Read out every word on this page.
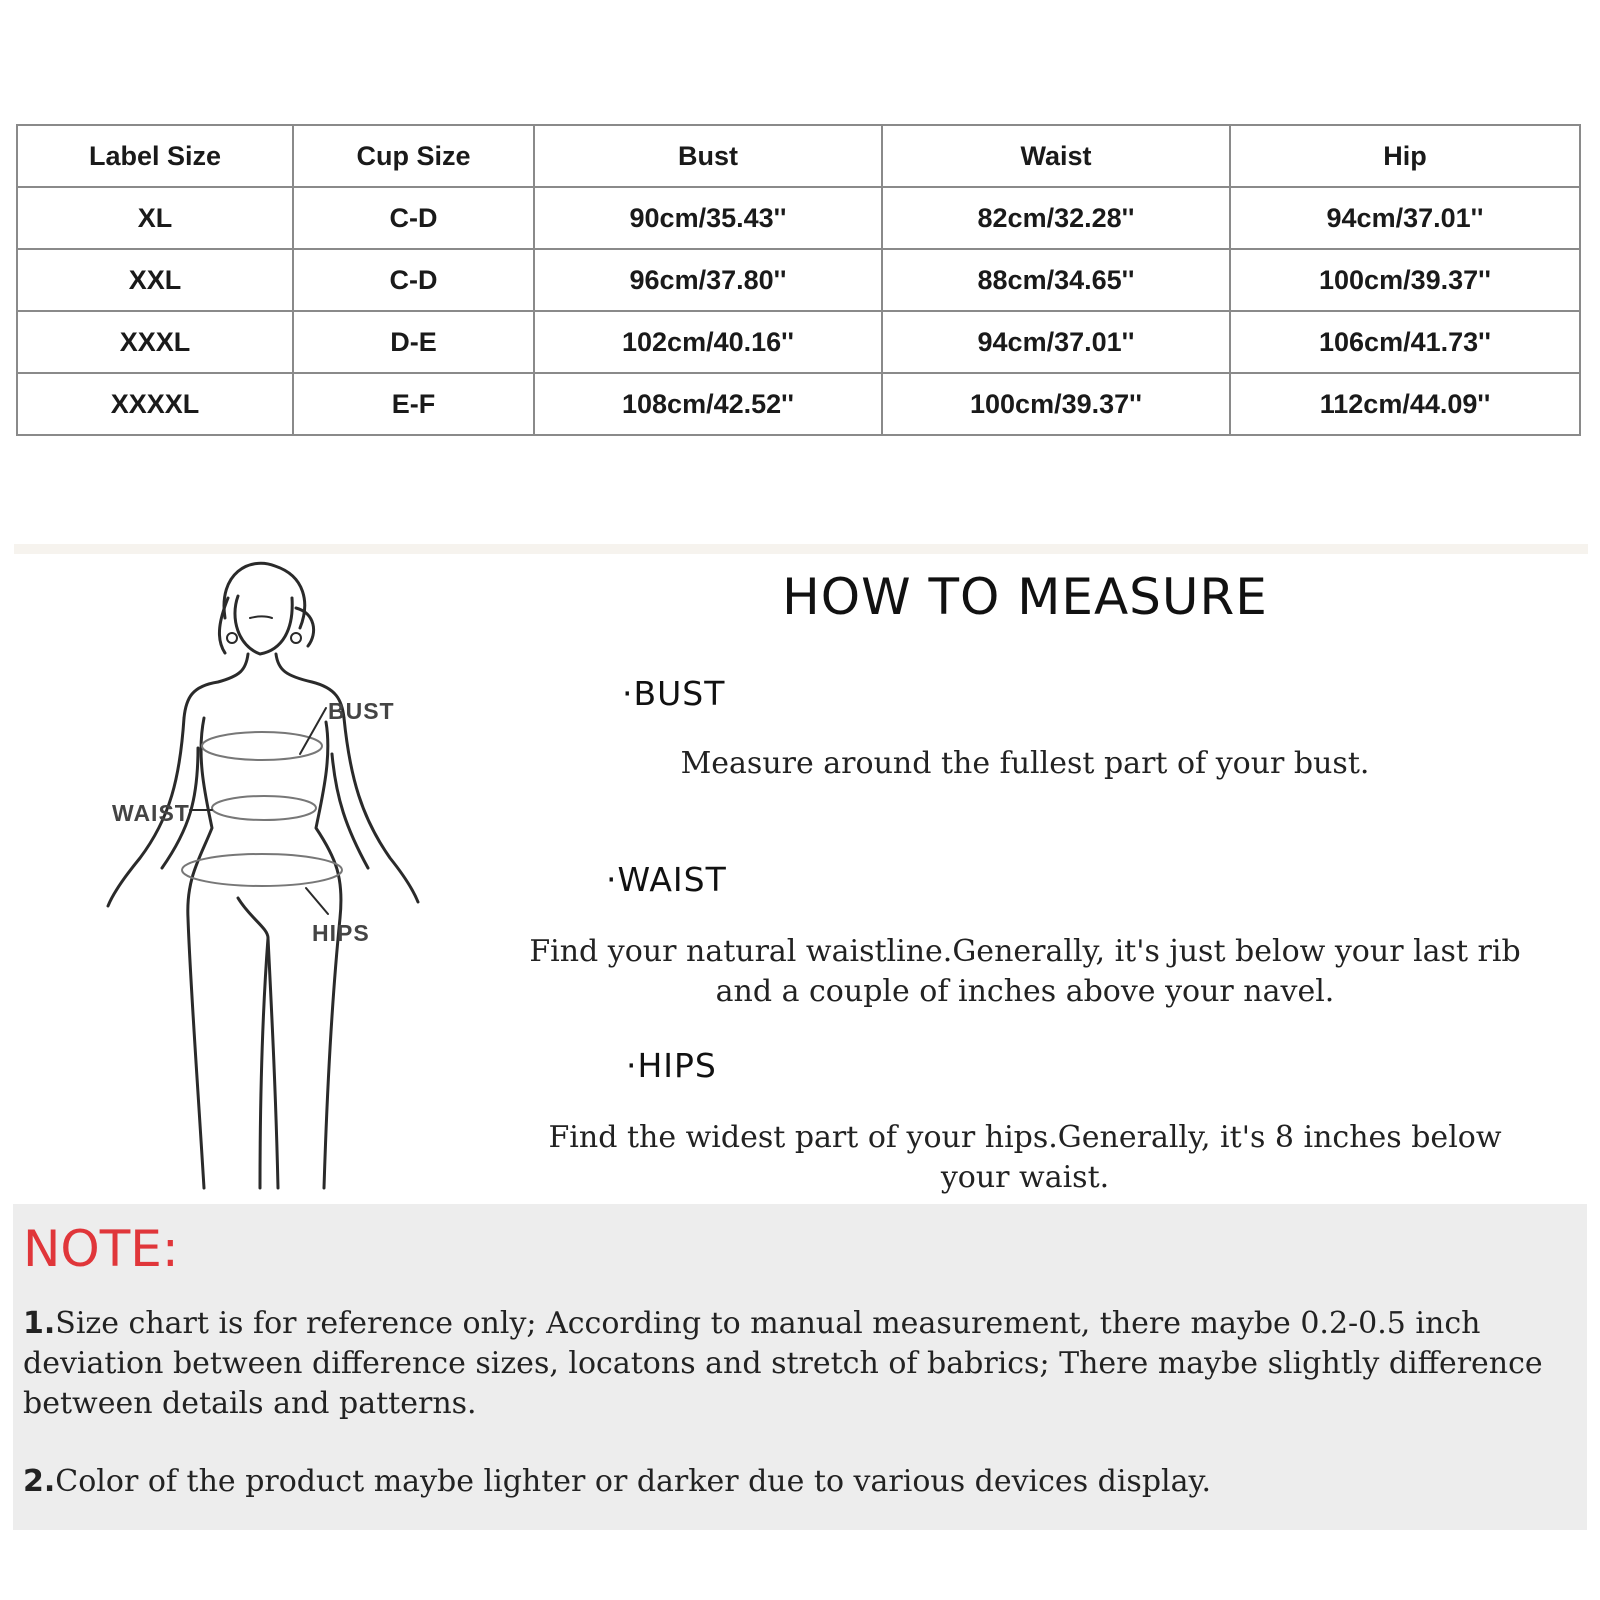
Label Size	Cup Size	Bust	Waist	Hip
XL	C-D	90cm/35.43''	82cm/32.28''	94cm/37.01''
XXL	C-D	96cm/37.80''	88cm/34.65''	100cm/39.37''
XXXL	D-E	102cm/40.16''	94cm/37.01''	106cm/41.73''
XXXXL	E-F	108cm/42.52''	100cm/39.37''	112cm/44.09''
BUST
WAIST
HIPS
HOW TO MEASURE
·BUST
Measure around the fullest part of your bust.
·WAIST
Find your natural waistline.Generally, it's just below your last rib
and a couple of inches above your navel.
·HIPS
Find the widest part of your hips.Generally, it's 8 inches below
your waist.
NOTE:
1.Size chart is for reference only; According to manual measurement, there maybe 0.2-0.5 inch deviation between difference sizes, locatons and stretch of babrics; There maybe slightly difference between details and patterns.
2.Color of the product maybe lighter or darker due to various devices display.
